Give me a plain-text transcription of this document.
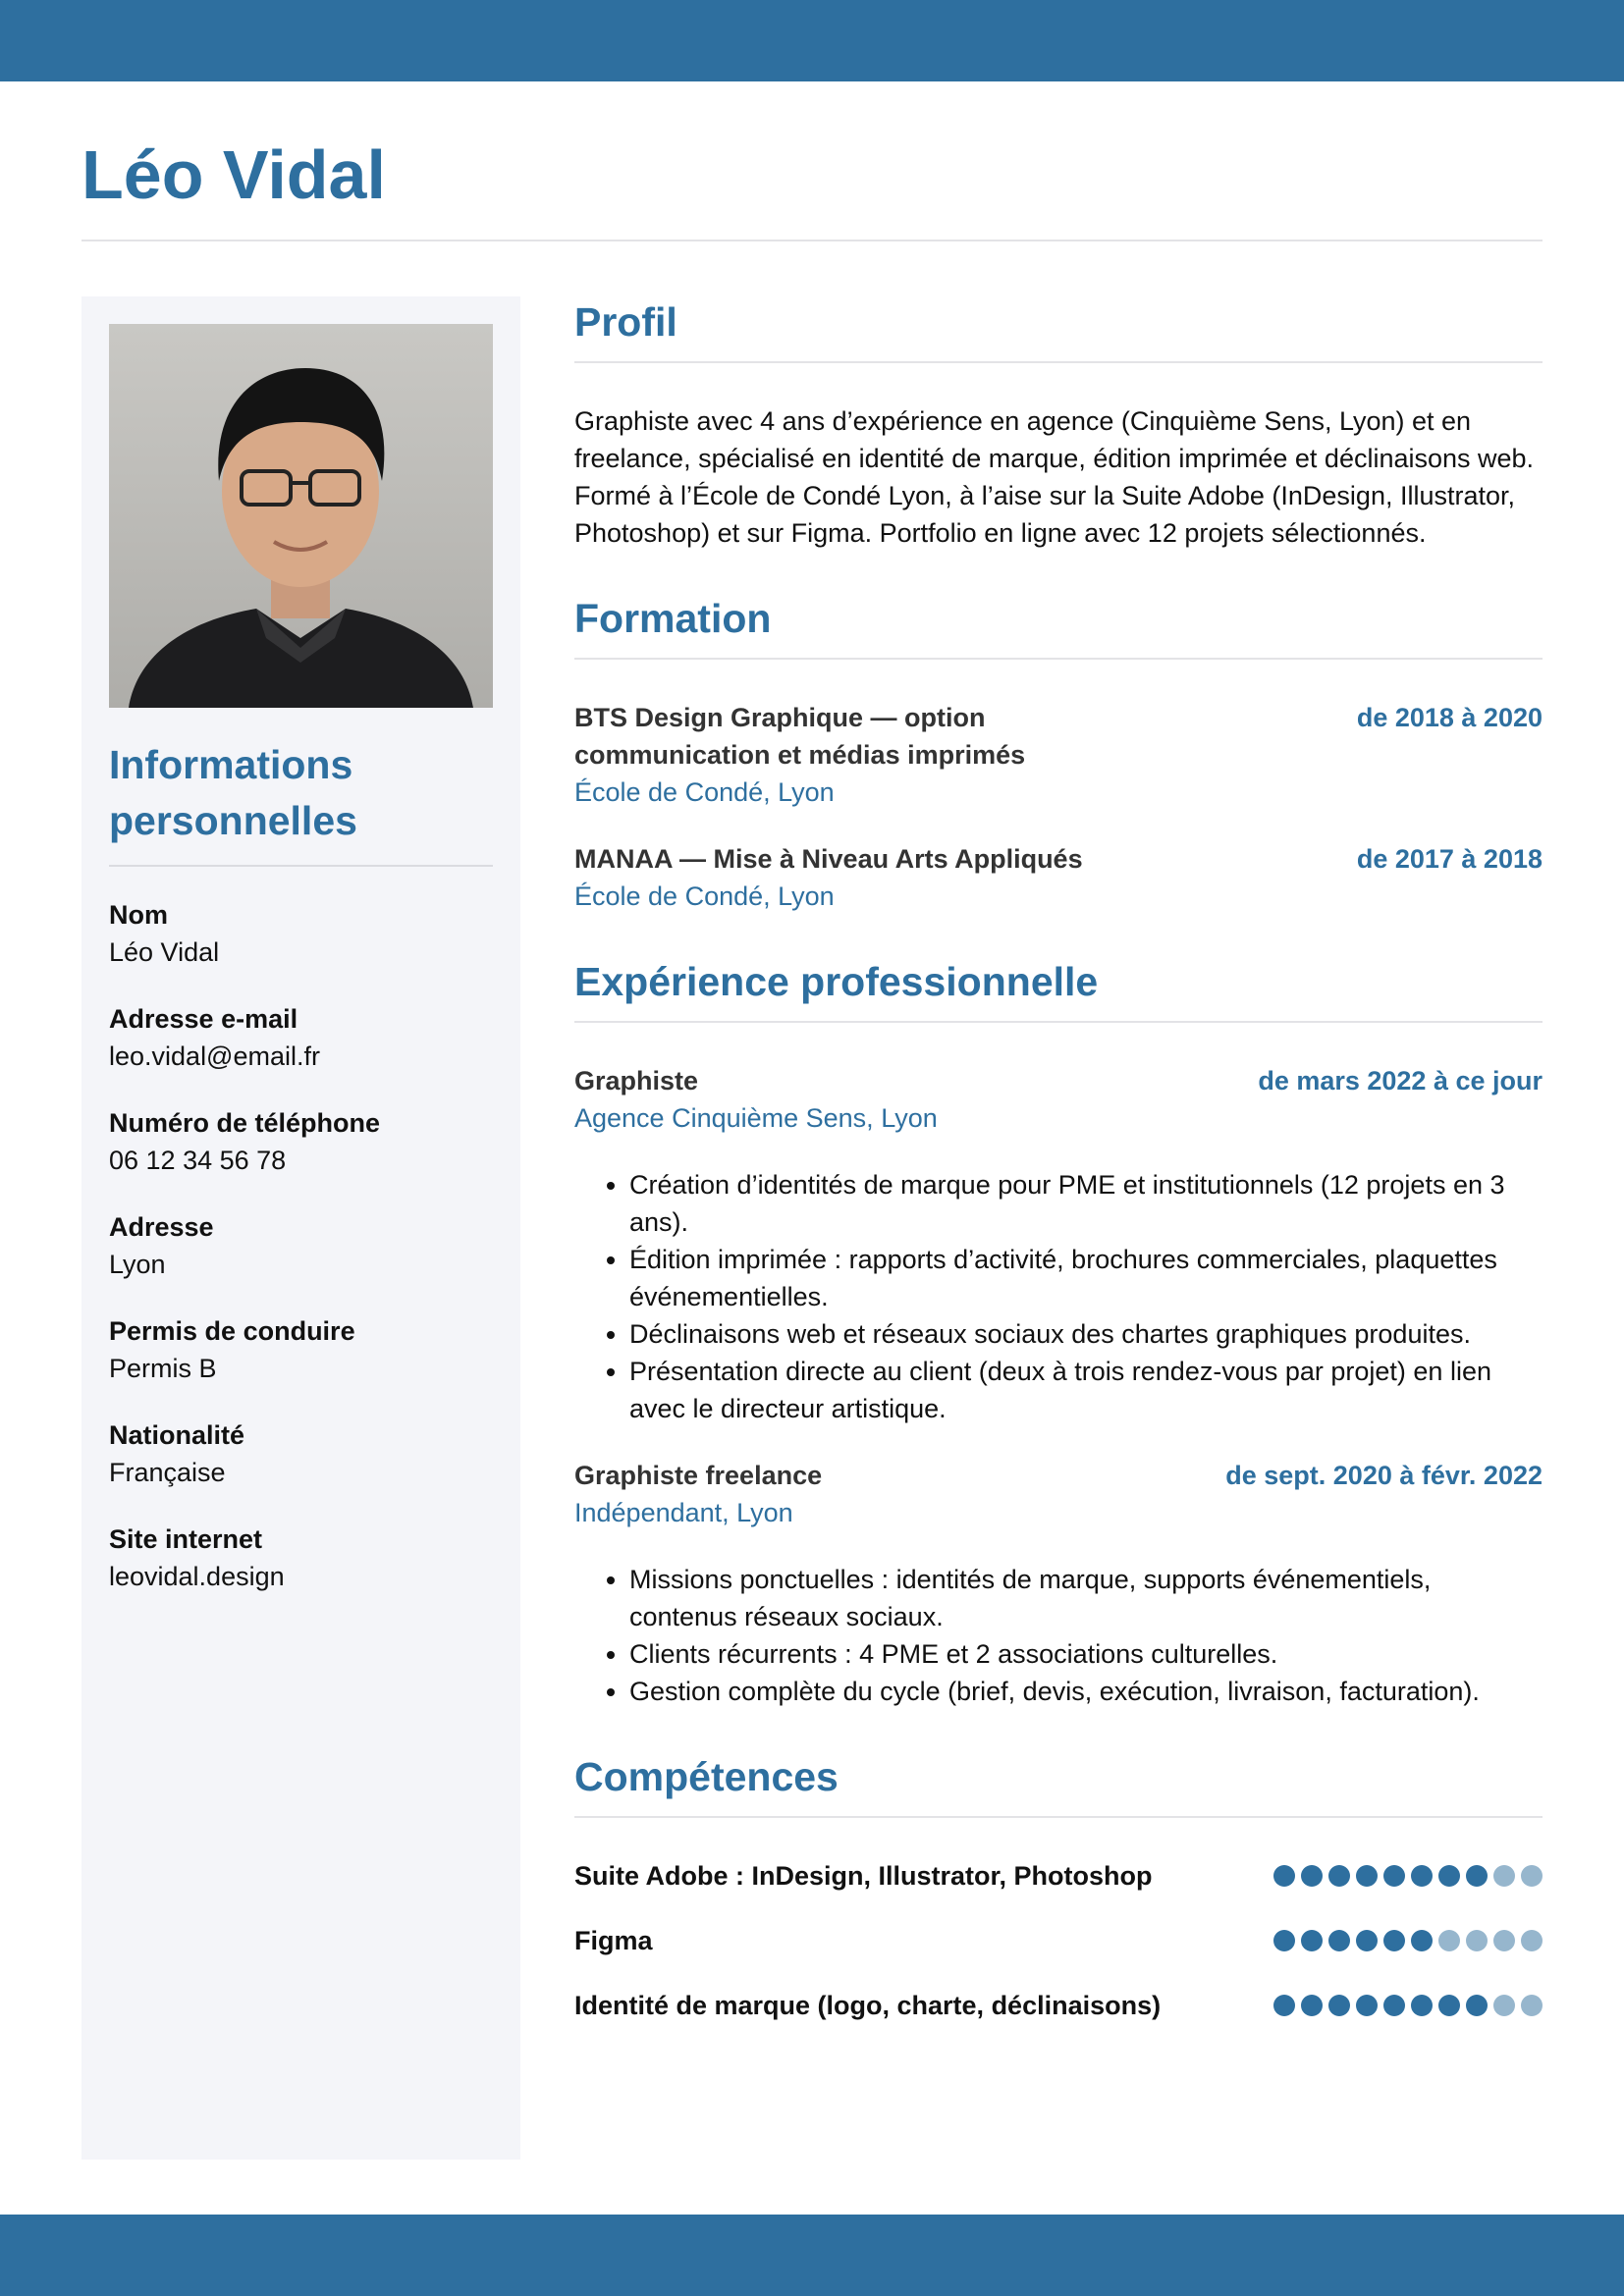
Léo Vidal
Informations personnelles
Nom
Léo Vidal
Adresse e-mail
leo.vidal@email.fr
Numéro de téléphone
06 12 34 56 78
Adresse
Lyon
Permis de conduire
Permis B
Nationalité
Française
Site internet
leovidal.design
Profil

Graphiste avec 4 ans d’expérience en agence (Cinquième Sens, Lyon) et en freelance, spécialisé en identité de marque, édition imprimée et déclinaisons web. Formé à l’École de Condé Lyon, à l’aise sur la Suite Adobe (InDesign, Illustrator, Photoshop) et sur Figma. Portfolio en ligne avec 12 projets sélectionnés.

Formation
BTS Design Graphique — option communication et médias imprimés
de 2018 à 2020
École de Condé, Lyon
MANAA — Mise à Niveau Arts Appliqués	de 2017 à 2018
École de Condé, Lyon
Expérience professionnelle
Graphiste	de mars 2022 à ce jour
Agence Cinquième Sens, Lyon
• Création d’identités de marque pour PME et institutionnels (12 projets en 3 ans).
• Édition imprimée : rapports d’activité, brochures commerciales, plaquettes événementielles.
• Déclinaisons web et réseaux sociaux des chartes graphiques produites.
• Présentation directe au client (deux à trois rendez-vous par projet) en lien avec le directeur artistique.
Graphiste freelance	de sept. 2020 à févr. 2022
Indépendant, Lyon
• Missions ponctuelles : identités de marque, supports événementiels, contenus réseaux sociaux.
• Clients récurrents : 4 PME et 2 associations culturelles.
• Gestion complète du cycle (brief, devis, exécution, livraison, facturation).
Compétences
Suite Adobe : InDesign, Illustrator, Photoshop
Figma
Identité de marque (logo, charte, déclinaisons)
